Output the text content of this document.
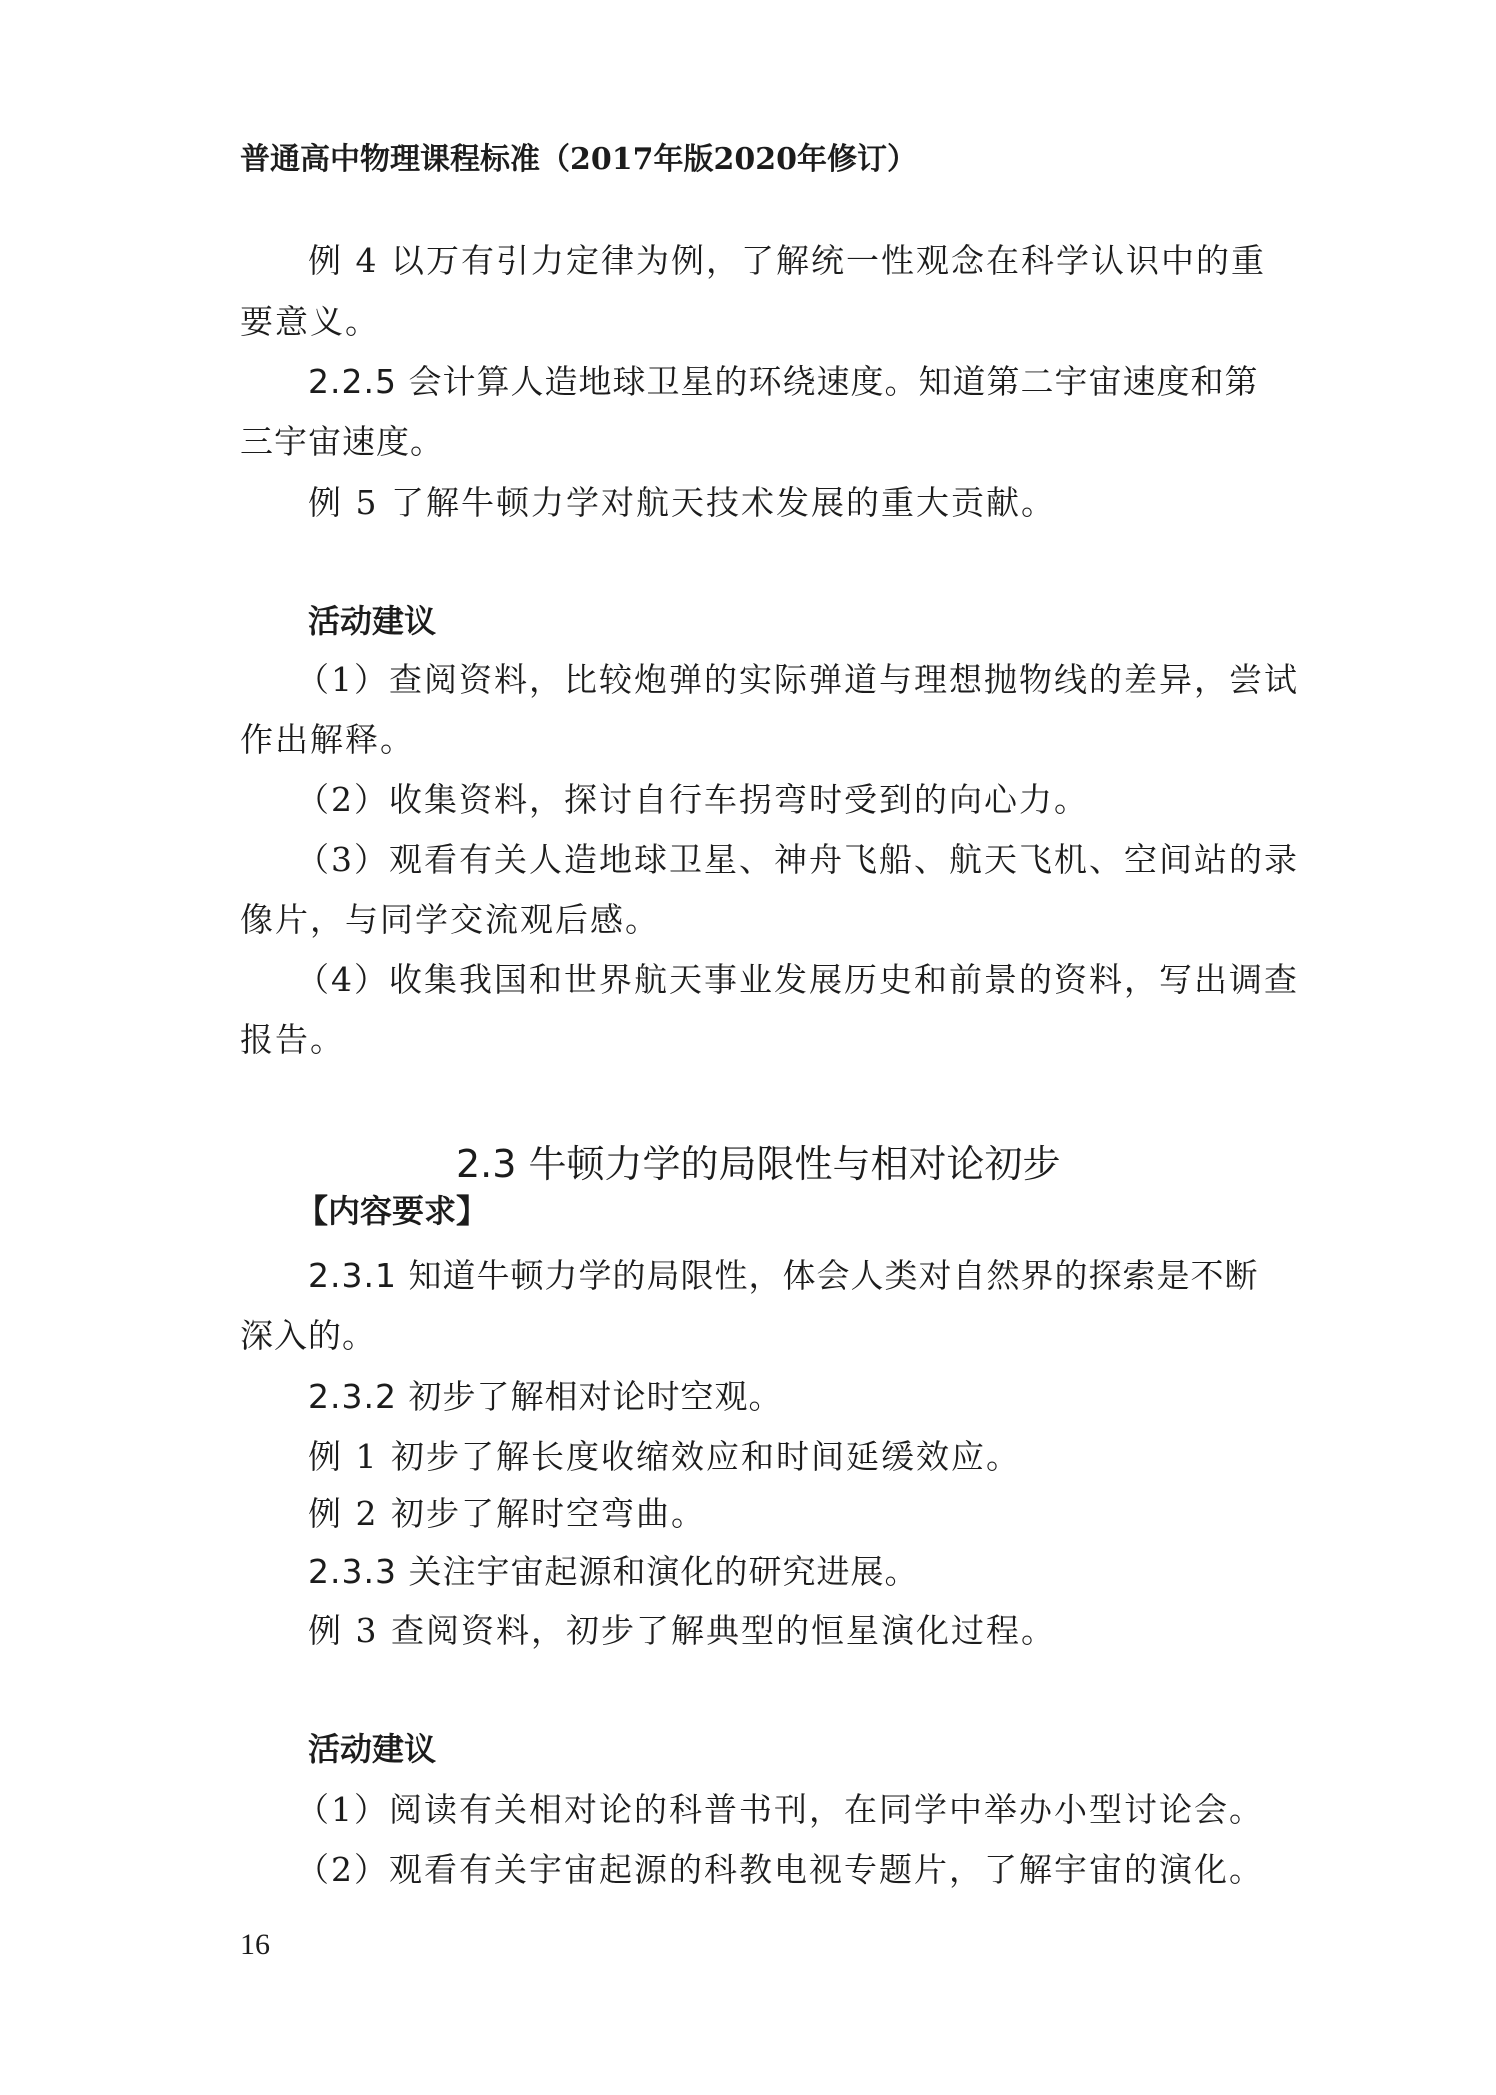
普通高中物理课程标准（2017年版2020年修订）
例 4 以万有引力定律为例，了解统一性观念在科学认识中的重
要意义。
2.2.5 会计算人造地球卫星的环绕速度。知道第二宇宙速度和第
三宇宙速度。
例 5 了解牛顿力学对航天技术发展的重大贡献。
活动建议
（1）查阅资料，比较炮弹的实际弹道与理想抛物线的差异，尝试
作出解释。
（2）收集资料，探讨自行车拐弯时受到的向心力。
（3）观看有关人造地球卫星、神舟飞船、航天飞机、空间站的录
像片，与同学交流观后感。
（4）收集我国和世界航天事业发展历史和前景的资料，写出调查
报告。
2.3 牛顿力学的局限性与相对论初步
【内容要求】
2.3.1 知道牛顿力学的局限性，体会人类对自然界的探索是不断
深入的。
2.3.2 初步了解相对论时空观。
例 1 初步了解长度收缩效应和时间延缓效应。
例 2 初步了解时空弯曲。
2.3.3 关注宇宙起源和演化的研究进展。
例 3 查阅资料，初步了解典型的恒星演化过程。
活动建议
（1）阅读有关相对论的科普书刊，在同学中举办小型讨论会。
（2）观看有关宇宙起源的科教电视专题片，了解宇宙的演化。
16
